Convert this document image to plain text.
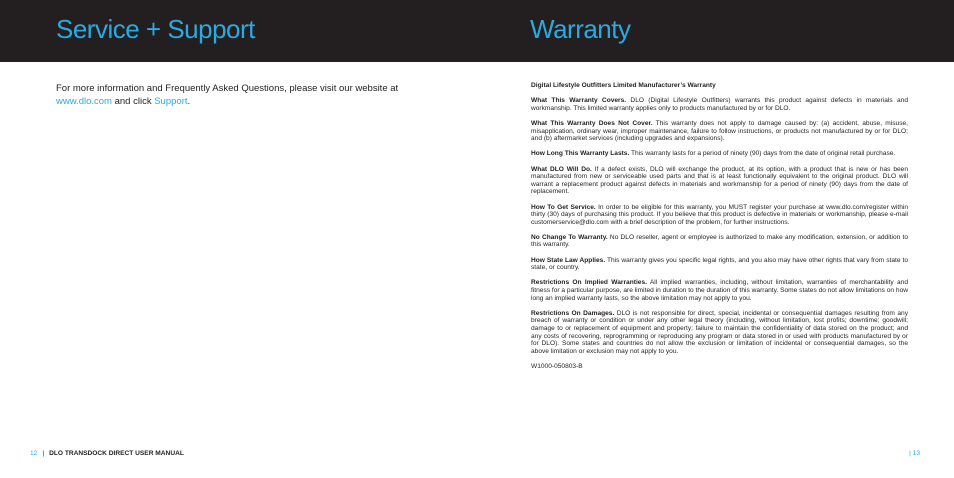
Service + Support	Warranty
For more information and Frequently Asked Questions, please visit our website at www.dlo.com and click Support.
Digital Lifestyle Outfitters Limited Manufacturer’s Warranty

What This Warranty Covers. DLO (Digital Lifestyle Outfitters) warrants this product against defects in materials and workmanship. This limited warranty applies only to products manufactured by or for DLO.

What This Warranty Does Not Cover. This warranty does not apply to damage caused by: (a) accident, abuse, misuse, misapplication, ordinary wear, improper maintenance, failure to follow instructions, or products not manufactured by or for DLO; and (b) aftermarket services (including upgrades and expansions).

How Long This Warranty Lasts. This warranty lasts for a period of ninety (90) days from the date of original retail purchase.

What DLO Will Do. If a defect exists, DLO will exchange the product, at its option, with a product that is new or has been manufactured from new or serviceable used parts and that is at least functionally equivalent to the original product. DLO will warrant a replacement product against defects in materials and workmanship for a period of ninety (90) days from the date of replacement.

How To Get Service. In order to be eligible for this warranty, you MUST register your purchase at www.dlo.com/register within thirty (30) days of purchasing this product. If you believe that this product is defective in materials or workmanship, please e-mail customerservice@dlo.com with a brief description of the problem, for further instructions.

No Change To Warranty. No DLO reseller, agent or employee is authorized to make any modification, extension, or addition to this warranty.

How State Law Applies. This warranty gives you specific legal rights, and you also may have other rights that vary from state to state, or country.

Restrictions On Implied Warranties. All implied warranties, including, without limitation, warranties of merchantability and fitness for a particular purpose, are limited in duration to the duration of this warranty. Some states do not allow limitations on how long an implied warranty lasts, so the above limitation may not apply to you.

Restrictions On Damages. DLO is not responsible for direct, special, incidental or consequential damages resulting from any breach of warranty or condition or under any other legal theory (including, without limitation, lost profits; downtime; goodwill; damage to or replacement of equipment and property; failure to maintain the confidentiality of data stored on the product; and any costs of recovering, reprogramming or reproducing any program or data stored in or used with products manufactured by or for DLO). Some states and countries do not allow the exclusion or limitation of incidental or consequential damages, so the above limitation or exclusion may not apply to you.

W1000-050803-B
12 | DLO TRANSDOCK DIRECT USER MANUAL	| 13
